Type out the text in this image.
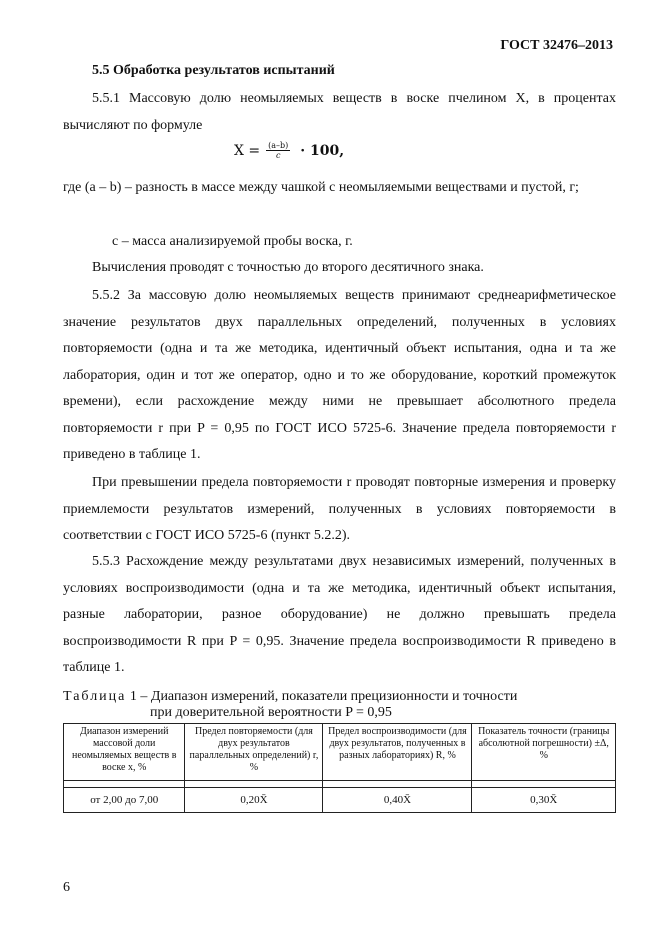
ГОСТ 32476–2013
5.5 Обработка результатов испытаний
5.5.1 Массовую долю неомыляемых веществ в воске пчелином X, в процентах вычисляют по формуле
$X = \frac{(a-b)}{c} \cdot 100$,
где (a – b) – разность в массе между чашкой с неомыляемыми веществами и пустой, г;
c – масса анализируемой пробы воска, г.
Вычисления проводят с точностью до второго десятичного знака.
5.5.2 За массовую долю неомыляемых веществ принимают среднеарифметическое значение результатов двух параллельных определений, полученных в условиях повторяемости (одна и та же методика, идентичный объект испытания, одна и та же лаборатория, один и тот же оператор, одно и то же оборудование, короткий промежуток времени), если расхождение между ними не превышает абсолютного предела повторяемости r при P = 0,95 по ГОСТ ИСО 5725-6. Значение предела повторяемости r приведено в таблице 1.
При превышении предела повторяемости r проводят повторные измерения и проверку приемлемости результатов измерений, полученных в условиях повторяемости в соответствии с ГОСТ ИСО 5725-6 (пункт 5.2.2).
5.5.3 Расхождение между результатами двух независимых измерений, полученных в условиях воспроизводимости (одна и та же методика, идентичный объект испытания, разные лаборатории, разное оборудование) не должно превышать предела воспроизводимости R при P = 0,95. Значение предела воспроизводимости R приведено в таблице 1.
Таблица 1 – Диапазон измерений, показатели прецизионности и точности
при доверительной вероятности P = 0,95
Диапазон измерений массовой доли неомыляемых веществ в воске x, %	Предел повторяемости (для двух результатов параллельных определений) r, %	Предел воспроизводимости (для двух результатов, полученных в разных лабораториях) R, %	Показатель точности (границы абсолютной погрешности) ±Δ, %

от 2,00 до 7,00	0,20X̄	0,40X̄	0,30X̄
6
